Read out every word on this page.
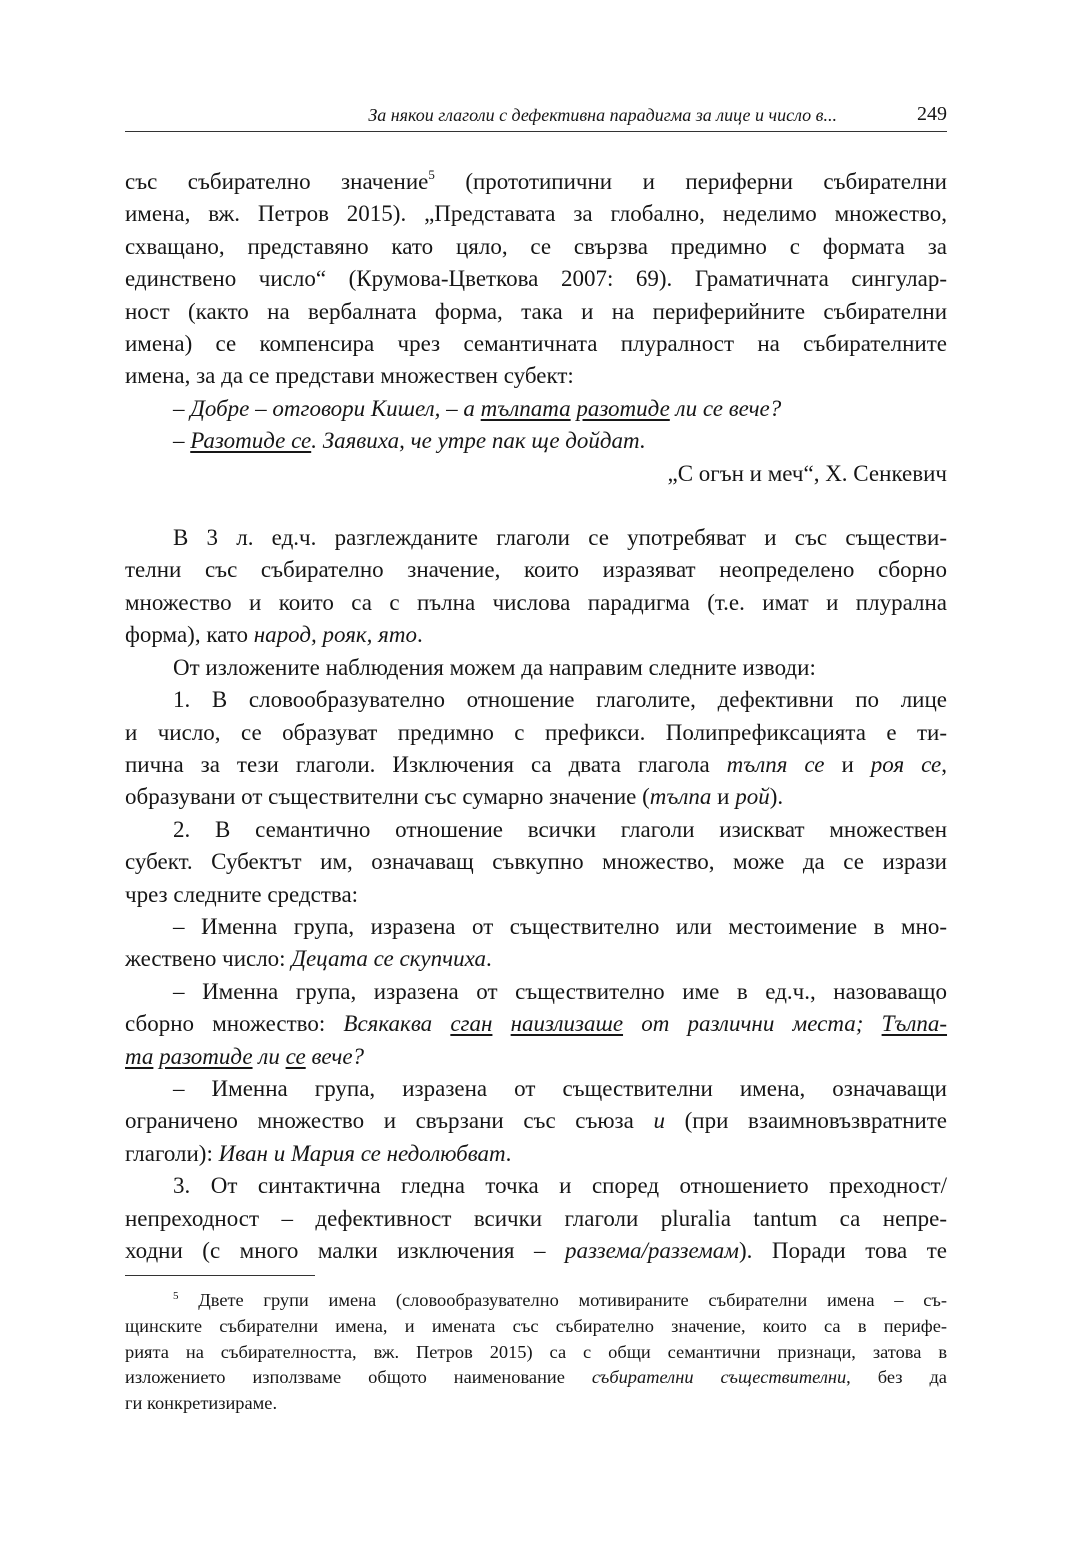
За някои глаголи с дефективна парадигма за лице и число в...	249
със събирателно значение$^5$ (прототипични и периферни събирателни
имена, вж. Петров 2015). „Представата за глобално, неделимо множество,
схващано, представяно като цяло, се свързва предимно с формата за
единствено число“ (Крумова-Цветкова 2007: 69). Граматичната сингулар-
ност (както на вербалната форма, така и на периферийните събирателни
имена) се компенсира чрез семантичната плуралност на събирателните
имена, за да се представи множествен субект:
– Добре – отговори Кишел, – а тълпата разотиде ли се вече?
– Разотиде се. Заявиха, че утре пак ще дойдат.
„С огън и меч“, Х. Сенкевич
В 3 л. ед.ч. разглежданите глаголи се употребяват и със съществи-
телни със събирателно значение, които изразяват неопределено сборно
множество и които са с пълна числова парадигма (т.е. имат и плурална
форма), като народ, рояк, ято.
От изложените наблюдения можем да направим следните изводи:
1. В словообразувателно отношение глаголите, дефективни по лице
и число, се образуват предимно с префикси. Полипрефиксацията е ти-
пична за тези глаголи. Изключения са двата глагола тълпя се и роя се,
образувани от съществителни със сумарно значение (тълпа и рой).
2. В семантично отношение всички глаголи изискват множествен
субект. Субектът им, означаващ съвкупно множество, може да се изрази
чрез следните средства:
– Именна група, изразена от съществително или местоимение в мно-
жествено число: Децата се скупчиха.
– Именна група, изразена от съществително име в ед.ч., назоваващо
сборно множество: Всякаква сган наизлизаше от различни места; Тълпа-
та разотиде ли се вече?
– Именна група, изразена от съществителни имена, означаващи
ограничено множество и свързани със съюза и (при взаимновъзвратните
глаголи): Иван и Мария се недолюбват.
3. От синтактична гледна точка и според отношението преходност/
непреходност – дефективност всички глаголи pluralia tantum са непре-
ходни (с много малки изключения – раззема/разземам). Поради това те
$^5$ Двете групи имена (словообразувателно мотивираните събирателни имена – съ-
щинските събирателни имена, и имената със събирателно значение, които са в перифе-
рията на събирателността, вж. Петров 2015) са с общи семантични признаци, затова в
изложението използваме общото наименование събирателни съществителни, без да
ги конкретизираме.
